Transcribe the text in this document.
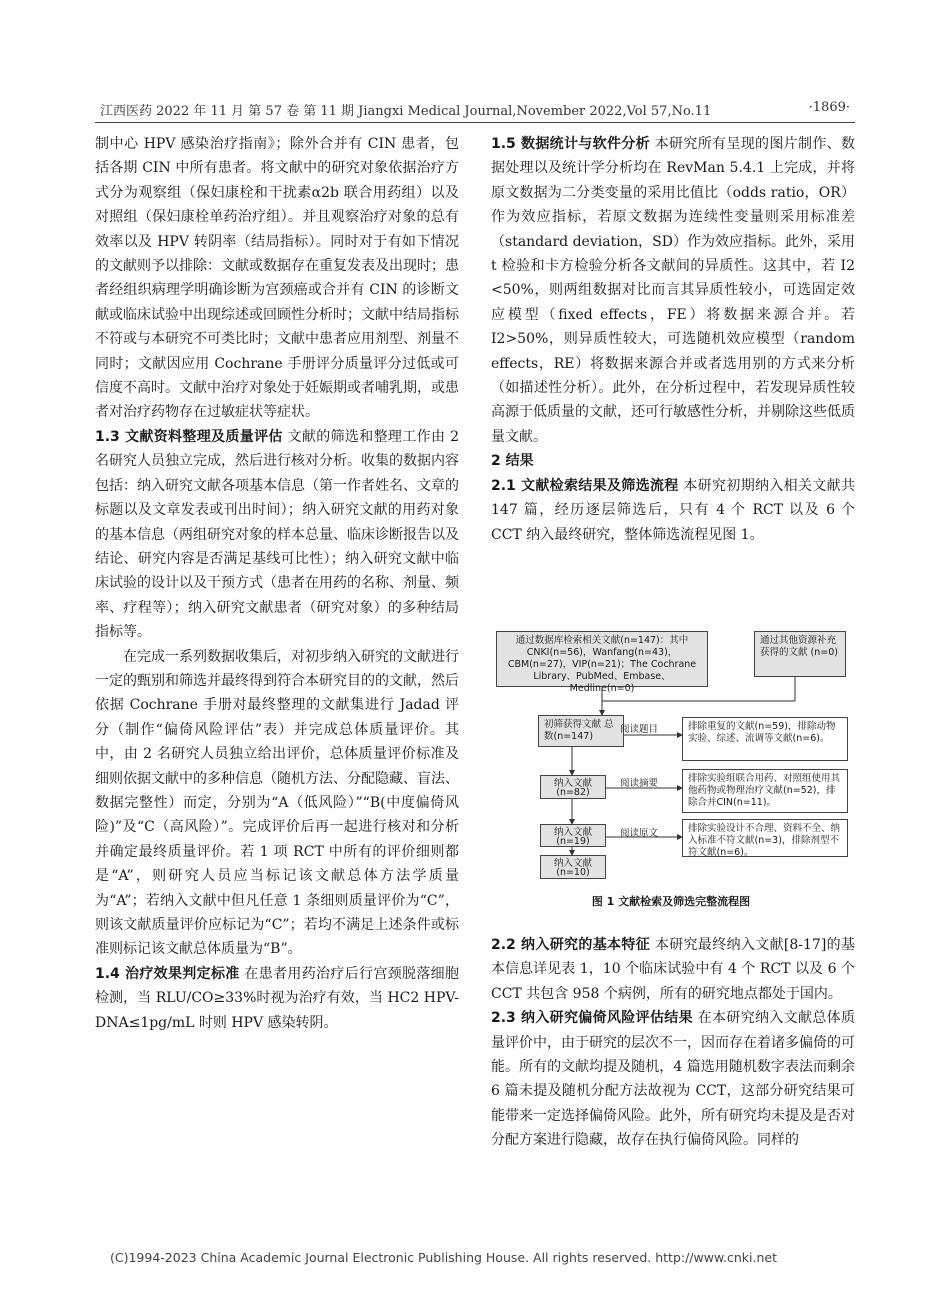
江西医药 2022 年 11 月 第 57 卷 第 11 期 Jiangxi Medical Journal,November 2022,Vol 57,No.11	·1869·

制中心 HPV 感染治疗指南》；除外合并有 CIN 患者，包括各期 CIN 中所有患者。将文献中的研究对象依据治疗方式分为观察组（保妇康栓和干扰素α2b 联合用药组）以及对照组（保妇康栓单药治疗组）。并且观察治疗对象的总有效率以及 HPV 转阴率（结局指标）。同时对于有如下情况的文献则予以排除：文献或数据存在重复发表及出现时；患者经组织病理学明确诊断为宫颈癌或合并有 CIN 的诊断文献或临床试验中出现综述或回顾性分析时；文献中结局指标不符或与本研究不可类比时；文献中患者应用剂型、剂量不同时；文献因应用 Cochrane 手册评分质量评分过低或可信度不高时。文献中治疗对象处于妊娠期或者哺乳期，或患者对治疗药物存在过敏症状等症状。

1.3 文献资料整理及质量评估 文献的筛选和整理工作由 2 名研究人员独立完成，然后进行核对分析。收集的数据内容包括：纳入研究文献各项基本信息（第一作者姓名、文章的标题以及文章发表或刊出时间）；纳入研究文献的用药对象的基本信息（两组研究对象的样本总量、临床诊断报告以及结论、研究内容是否满足基线可比性）；纳入研究文献中临床试验的设计以及干预方式（患者在用药的名称、剂量、频率、疗程等）；纳入研究文献患者（研究对象）的多种结局指标等。

在完成一系列数据收集后，对初步纳入研究的文献进行一定的甄别和筛选并最终得到符合本研究目的的文献，然后依据 Cochrane 手册对最终整理的文献集进行 Jadad 评分（制作“偏倚风险评估”表）并完成总体质量评价。其中，由 2 名研究人员独立给出评价，总体质量评价标准及细则依据文献中的多种信息（随机方法、分配隐藏、盲法、数据完整性）而定，分别为“A（低风险）”“B(中度偏倚风险)”及“C（高风险）”。完成评价后再一起进行核对和分析并确定最终质量评价。若 1 项 RCT 中所有的评价细则都是“A”，则研究人员应当标记该文献总体方法学质量为“A”；若纳入文献中但凡任意 1 条细则质量评价为“C”，则该文献质量评价应标记为“C”；若均不满足上述条件或标准则标记该文献总体质量为“B”。

1.4 治疗效果判定标准 在患者用药治疗后行宫颈脱落细胞检测，当 RLU/CO≥33%时视为治疗有效，当 HC2 HPV-DNA≤1pg/mL 时则 HPV 感染转阴。

1.5 数据统计与软件分析 本研究所有呈现的图片制作、数据处理以及统计学分析均在 RevMan 5.4.1 上完成，并将原文数据为二分类变量的采用比值比（odds ratio，OR）作为效应指标，若原文数据为连续性变量则采用标准差（standard deviation，SD）作为效应指标。此外，采用 t 检验和卡方检验分析各文献间的异质性。这其中，若 I2 <50%，则两组数据对比而言其异质性较小，可选固定效应模型（fixed effects，FE）将数据来源合并。若 I2>50%，则异质性较大，可选随机效应模型（random effects，RE）将数据来源合并或者选用别的方式来分析（如描述性分析）。此外，在分析过程中，若发现异质性较高源于低质量的文献，还可行敏感性分析，并剔除这些低质量文献。

2 结果

2.1 文献检索结果及筛选流程 本研究初期纳入相关文献共 147 篇，经历逐层筛选后，只有 4 个 RCT 以及 6 个 CCT 纳入最终研究，整体筛选流程见图 1。

通过数据库检索相关文献(n=147)：其中 CNKI(n=56)，Wanfang(n=43)，CBM(n=27)，VIP(n=21)；The Cochrane Library、PubMed、Embase、Medline(n=0)
通过其他资源补充获得的文献 (n=0)
初筛获得文献 总数(n=147)
阅读题目	排除重复的文献(n=59)，排除动物实验、综述、流调等文献(n=6)。
纳入文献 (n=82)
阅读摘要	排除实验组联合用药、对照组使用其他药物或物理治疗文献(n=52)，排除合并CIN(n=11)。
纳入文献 (n=19)
阅读原文	排除实验设计不合理、资料不全、纳入标准不符文献(n=3)，排除剂型不符文献(n=6)。
纳入文献 (n=10)
图 1 文献检索及筛选完整流程图

2.2 纳入研究的基本特征 本研究最终纳入文献[8-17]的基本信息详见表 1，10 个临床试验中有 4 个 RCT 以及 6 个 CCT 共包含 958 个病例，所有的研究地点都处于国内。

2.3 纳入研究偏倚风险评估结果 在本研究纳入文献总体质量评价中，由于研究的层次不一，因而存在着诸多偏倚的可能。所有的文献均提及随机，4 篇选用随机数字表法而剩余6 篇未提及随机分配方法故视为 CCT，这部分研究结果可能带来一定选择偏倚风险。此外，所有研究均未提及是否对分配方案进行隐藏，故存在执行偏倚风险。同样的

(C)1994-2023 China Academic Journal Electronic Publishing House. All rights reserved. http://www.cnki.net
